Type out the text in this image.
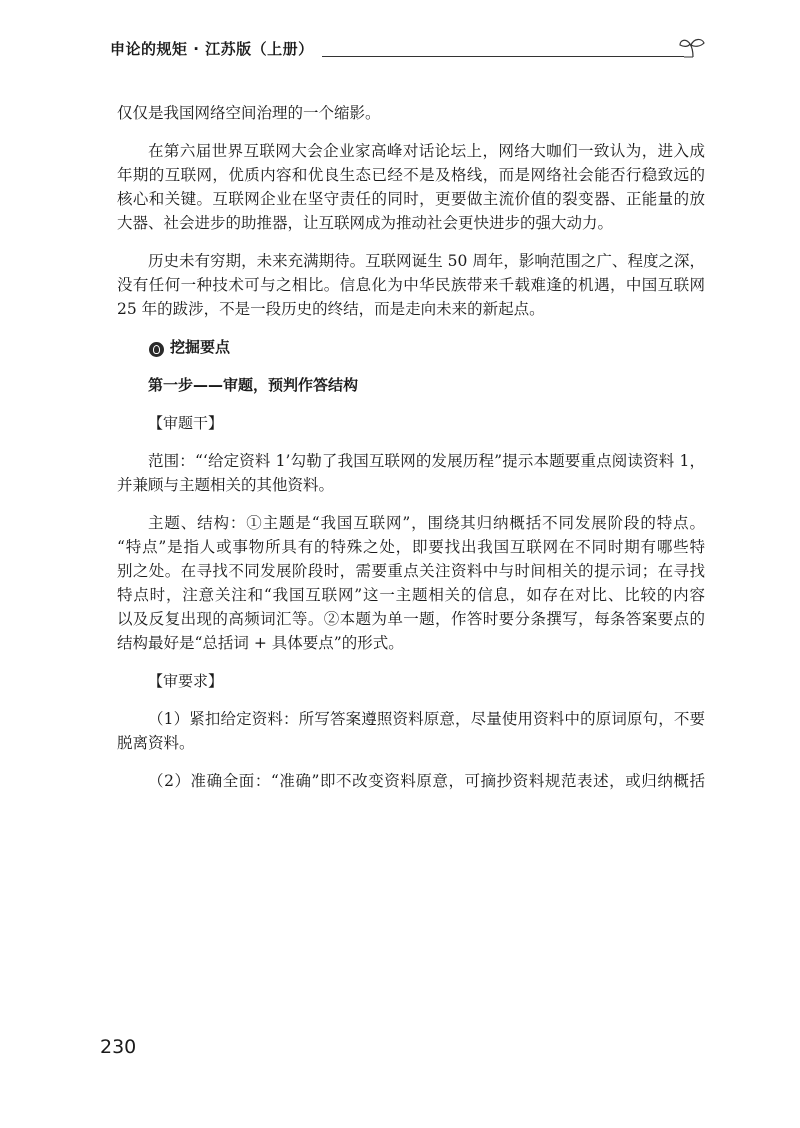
申论的规矩 · 江苏版（上册）
仅仅是我国网络空间治理的一个缩影。
在第六届世界互联网大会企业家高峰对话论坛上，网络大咖们一致认为，进入成
年期的互联网，优质内容和优良生态已经不是及格线，而是网络社会能否行稳致远的
核心和关键。互联网企业在坚守责任的同时，更要做主流价值的裂变器、正能量的放
大器、社会进步的助推器，让互联网成为推动社会更快进步的强大动力。
历史未有穷期，未来充满期待。互联网诞生 50 周年，影响范围之广、程度之深，
没有任何一种技术可与之相比。信息化为中华民族带来千载难逢的机遇，中国互联网
25 年的跋涉，不是一段历史的终结，而是走向未来的新起点。
挖掘要点
第一步——审题，预判作答结构
【审题干】
范围：“‘给定资料 1’勾勒了我国互联网的发展历程”提示本题要重点阅读资料 1，
并兼顾与主题相关的其他资料。
主题、结构：①主题是“我国互联网”，围绕其归纳概括不同发展阶段的特点。
“特点”是指人或事物所具有的特殊之处，即要找出我国互联网在不同时期有哪些特
别之处。在寻找不同发展阶段时，需要重点关注资料中与时间相关的提示词；在寻找
特点时，注意关注和“我国互联网”这一主题相关的信息，如存在对比、比较的内容
以及反复出现的高频词汇等。②本题为单一题，作答时要分条撰写，每条答案要点的
结构最好是“总括词 + 具体要点”的形式。
【审要求】
（1）紧扣给定资料：所写答案遵照资料原意，尽量使用资料中的原词原句，不要
脱离资料。
（2）准确全面：“准确”即不改变资料原意，可摘抄资料规范表述，或归纳概括
230
